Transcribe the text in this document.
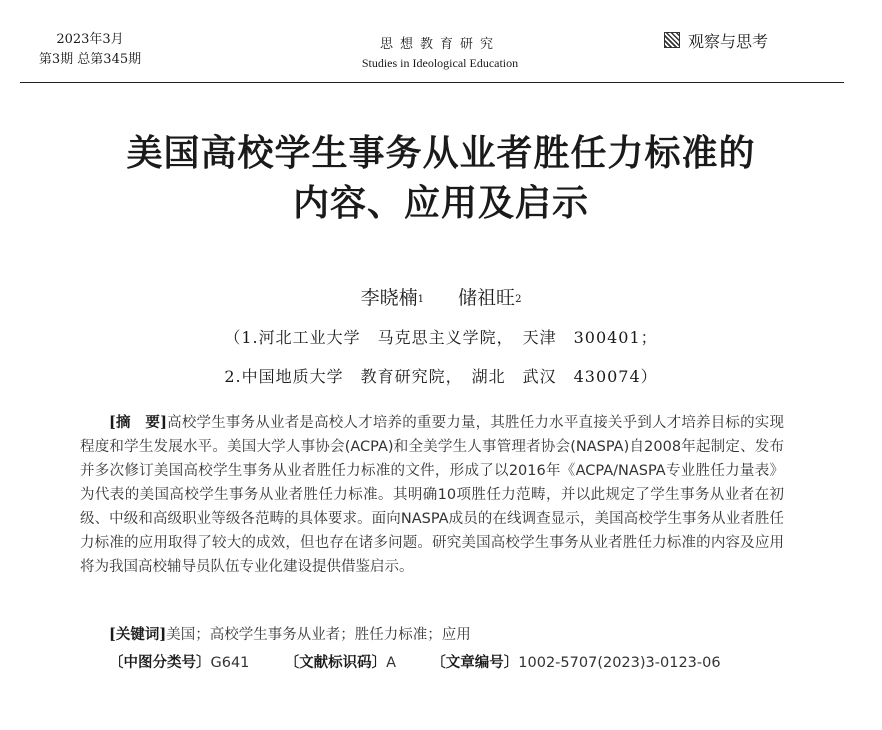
2023年3月
第3期 总第345期
思想教育研究
Studies in Ideological Education
观察与思考
美国高校学生事务从业者胜任力标准的
内容、应用及启示
李晓楠$^1$ 储祖旺$^2$
（1.河北工业大学　马克思主义学院，　天津　300401；
2.中国地质大学　教育研究院，　湖北　武汉　430074）
[摘　要]高校学生事务从业者是高校人才培养的重要力量，其胜任力水平直接关乎到人才培养目标的实现程度和学生发展水平。美国大学人事协会(ACPA)和全美学生人事管理者协会(NASPA)自2008年起制定、发布并多次修订美国高校学生事务从业者胜任力标准的文件，形成了以2016年《ACPA/NASPA专业胜任力量表》为代表的美国高校学生事务从业者胜任力标准。其明确10项胜任力范畴，并以此规定了学生事务从业者在初级、中级和高级职业等级各范畴的具体要求。面向NASPA成员的在线调查显示，美国高校学生事务从业者胜任力标准的应用取得了较大的成效，但也存在诸多问题。研究美国高校学生事务从业者胜任力标准的内容及应用将为我国高校辅导员队伍专业化建设提供借鉴启示。
[关键词]美国；高校学生事务从业者；胜任力标准；应用
〔中图分类号〕G641 〔文献标识码〕A 〔文章编号〕1002-5707(2023)3-0123-06
